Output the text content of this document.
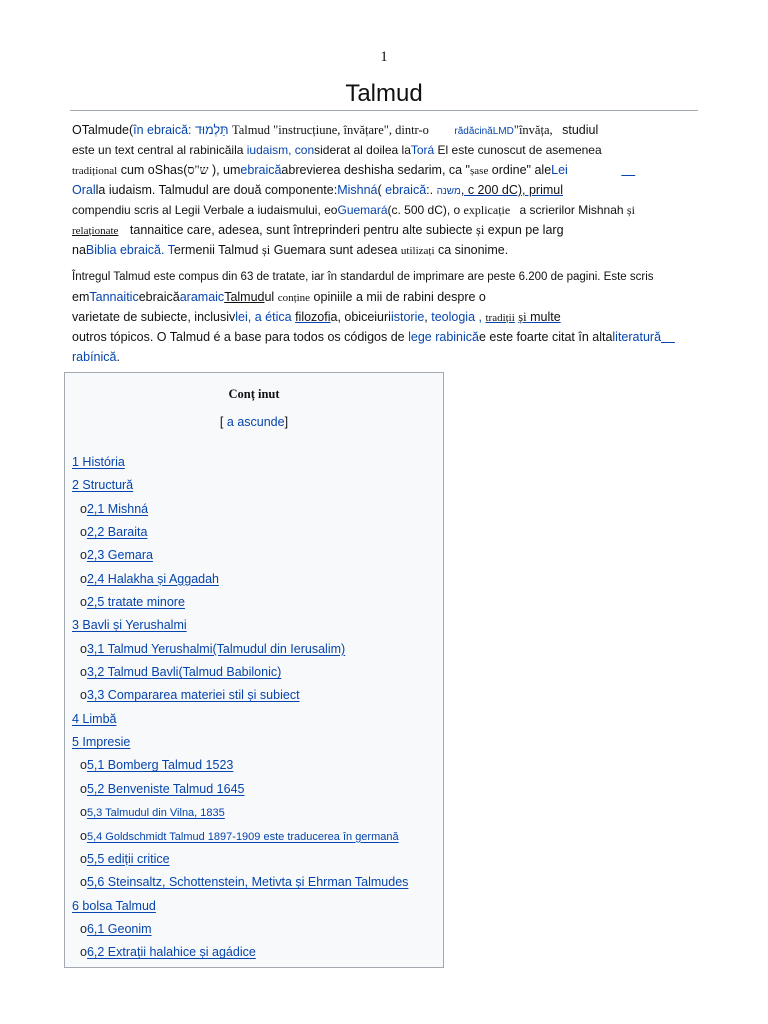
1
Talmud
OTalmude(în ebraică: תַּלְמוּד Talmud "instrucțiune, învățare", dintr-o	rădăcinăLMD"învăța, studiul
este un text central al rabinicăila iudaism, considerat al doilea laTorá El este cunoscut de asemenea
tradițional cum oShas(ש"ס ), umebraicăabrevierea deshisha sedarim, ca "șase ordine" aleLei
Oralla iudaism. Talmudul are două componente:Mishná( ebraică:. משנה, c 200 dC), primul
compendiu scris al Legii Verbale a iudaismului, eoGuemará(c. 500 dC), o explicație a scrierilor Mishnah și
relaționate tannaitice care, adesea, sunt întreprinderi pentru alte subiecte și expun pe larg
naBiblia ebraică. Termenii Talmud și Guemara sunt adesea utilizați ca sinonime.
Întregul Talmud este compus din 63 de tratate, iar în standardul de imprimare are peste 6.200 de pagini. Este scris
emTannaiticebraicăaramaicTalmudul conține opiniile a mii de rabini despre o
varietate de subiecte, inclusivlei, a ética filozofia, obiceiuriistorie, teologia , tradiții și multe
outros tópicos. O Talmud é a base para todos os códigos de lege rabinicăe este foarte citat în altaliteratură
rabínică.
Conț inut
[ a ascunde]
1 História
2 Structură
o2,1 Mishná
o2,2 Baraita
o2,3 Gemara
o2,4 Halakha și Aggadah
o2,5 tratate minore
3 Bavli și Yerushalmi
o3,1 Talmud Yerushalmi(Talmudul din Ierusalim)
o3,2 Talmud Bavli(Talmud Babilonic)
o3,3 Compararea materiei stil și subiect
4 Limbă
5 Impresie
o5,1 Bomberg Talmud 1523
o5,2 Benveniste Talmud 1645
o5,3 Talmudul din Vilna, 1835
o5,4 Goldschmidt Talmud 1897-1909 este traducerea în germană
o5,5 ediții critice
o5,6 Steinsaltz, Schottenstein, Metivta și Ehrman Talmudes
6 bolsa Talmud
o6,1 Geonim
o6,2 Extrații halahice și agádice
